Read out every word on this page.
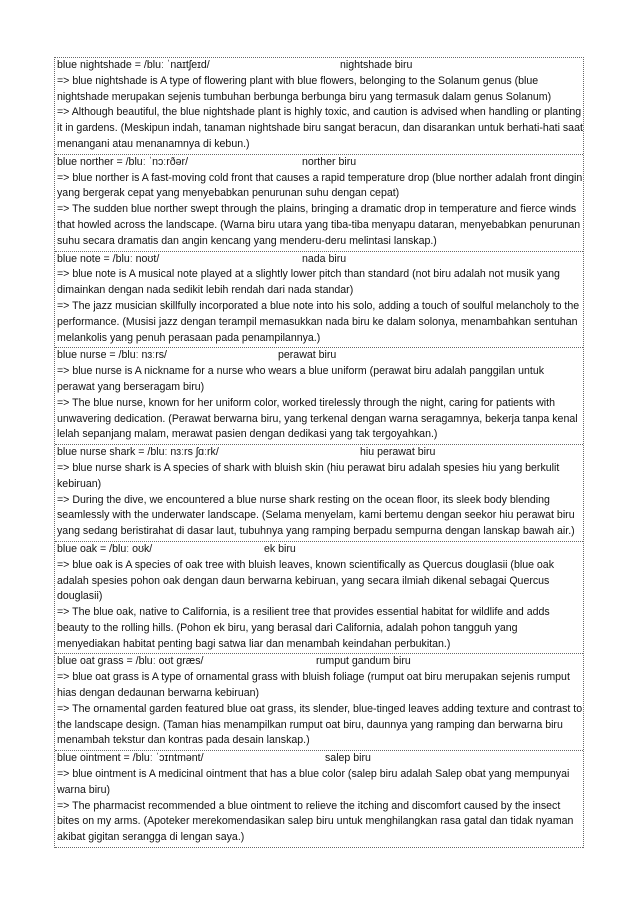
blue nightshade = /bluː ˈnaɪtʃeɪd/	nightshade biru

=> blue nightshade is A type of flowering plant with blue flowers, belonging to the Solanum genus (blue nightshade merupakan sejenis tumbuhan berbunga berbunga biru yang termasuk dalam genus Solanum)

=> Although beautiful, the blue nightshade plant is highly toxic, and caution is advised when handling or planting it in gardens. (Meskipun indah, tanaman nightshade biru sangat beracun, dan disarankan untuk berhati-hati saat menangani atau menanamnya di kebun.)

blue norther = /bluː ˈnɔːrðər/	norther biru

=> blue norther is A fast-moving cold front that causes a rapid temperature drop (blue norther adalah front dingin yang bergerak cepat yang menyebabkan penurunan suhu dengan cepat)

=> The sudden blue norther swept through the plains, bringing a dramatic drop in temperature and fierce winds that howled across the landscape. (Warna biru utara yang tiba-tiba menyapu dataran, menyebabkan penurunan suhu secara dramatis dan angin kencang yang menderu-deru melintasi lanskap.)

blue note = /bluː noʊt/	nada biru

=> blue note is A musical note played at a slightly lower pitch than standard (not biru adalah not musik yang dimainkan dengan nada sedikit lebih rendah dari nada standar)

=> The jazz musician skillfully incorporated a blue note into his solo, adding a touch of soulful melancholy to the performance. (Musisi jazz dengan terampil memasukkan nada biru ke dalam solonya, menambahkan sentuhan melankolis yang penuh perasaan pada penampilannya.)

blue nurse = /bluː nɜːrs/	perawat biru

=> blue nurse is A nickname for a nurse who wears a blue uniform (perawat biru adalah panggilan untuk perawat yang berseragam biru)

=> The blue nurse, known for her uniform color, worked tirelessly through the night, caring for patients with unwavering dedication. (Perawat berwarna biru, yang terkenal dengan warna seragamnya, bekerja tanpa kenal lelah sepanjang malam, merawat pasien dengan dedikasi yang tak tergoyahkan.)

blue nurse shark = /bluː nɜːrs ʃɑːrk/	hiu perawat biru

=> blue nurse shark is A species of shark with bluish skin (hiu perawat biru adalah spesies hiu yang berkulit kebiruan)

=> During the dive, we encountered a blue nurse shark resting on the ocean floor, its sleek body blending seamlessly with the underwater landscape. (Selama menyelam, kami bertemu dengan seekor hiu perawat biru yang sedang beristirahat di dasar laut, tubuhnya yang ramping berpadu sempurna dengan lanskap bawah air.)

blue oak = /bluː oʊk/	ek biru

=> blue oak is A species of oak tree with bluish leaves, known scientifically as Quercus douglasii (blue oak adalah spesies pohon oak dengan daun berwarna kebiruan, yang secara ilmiah dikenal sebagai Quercus douglasii)

=> The blue oak, native to California, is a resilient tree that provides essential habitat for wildlife and adds beauty to the rolling hills. (Pohon ek biru, yang berasal dari California, adalah pohon tangguh yang menyediakan habitat penting bagi satwa liar dan menambah keindahan perbukitan.)

blue oat grass = /bluː oʊt ɡræs/	rumput gandum biru

=> blue oat grass is A type of ornamental grass with bluish foliage (rumput oat biru merupakan sejenis rumput hias dengan dedaunan berwarna kebiruan)

=> The ornamental garden featured blue oat grass, its slender, blue-tinged leaves adding texture and contrast to the landscape design. (Taman hias menampilkan rumput oat biru, daunnya yang ramping dan berwarna biru menambah tekstur dan kontras pada desain lanskap.)

blue ointment = /bluː ˈɔɪntmənt/	salep biru

=> blue ointment is A medicinal ointment that has a blue color (salep biru adalah Salep obat yang mempunyai warna biru)

=> The pharmacist recommended a blue ointment to relieve the itching and discomfort caused by the insect bites on my arms. (Apoteker merekomendasikan salep biru untuk menghilangkan rasa gatal dan tidak nyaman akibat gigitan serangga di lengan saya.)
